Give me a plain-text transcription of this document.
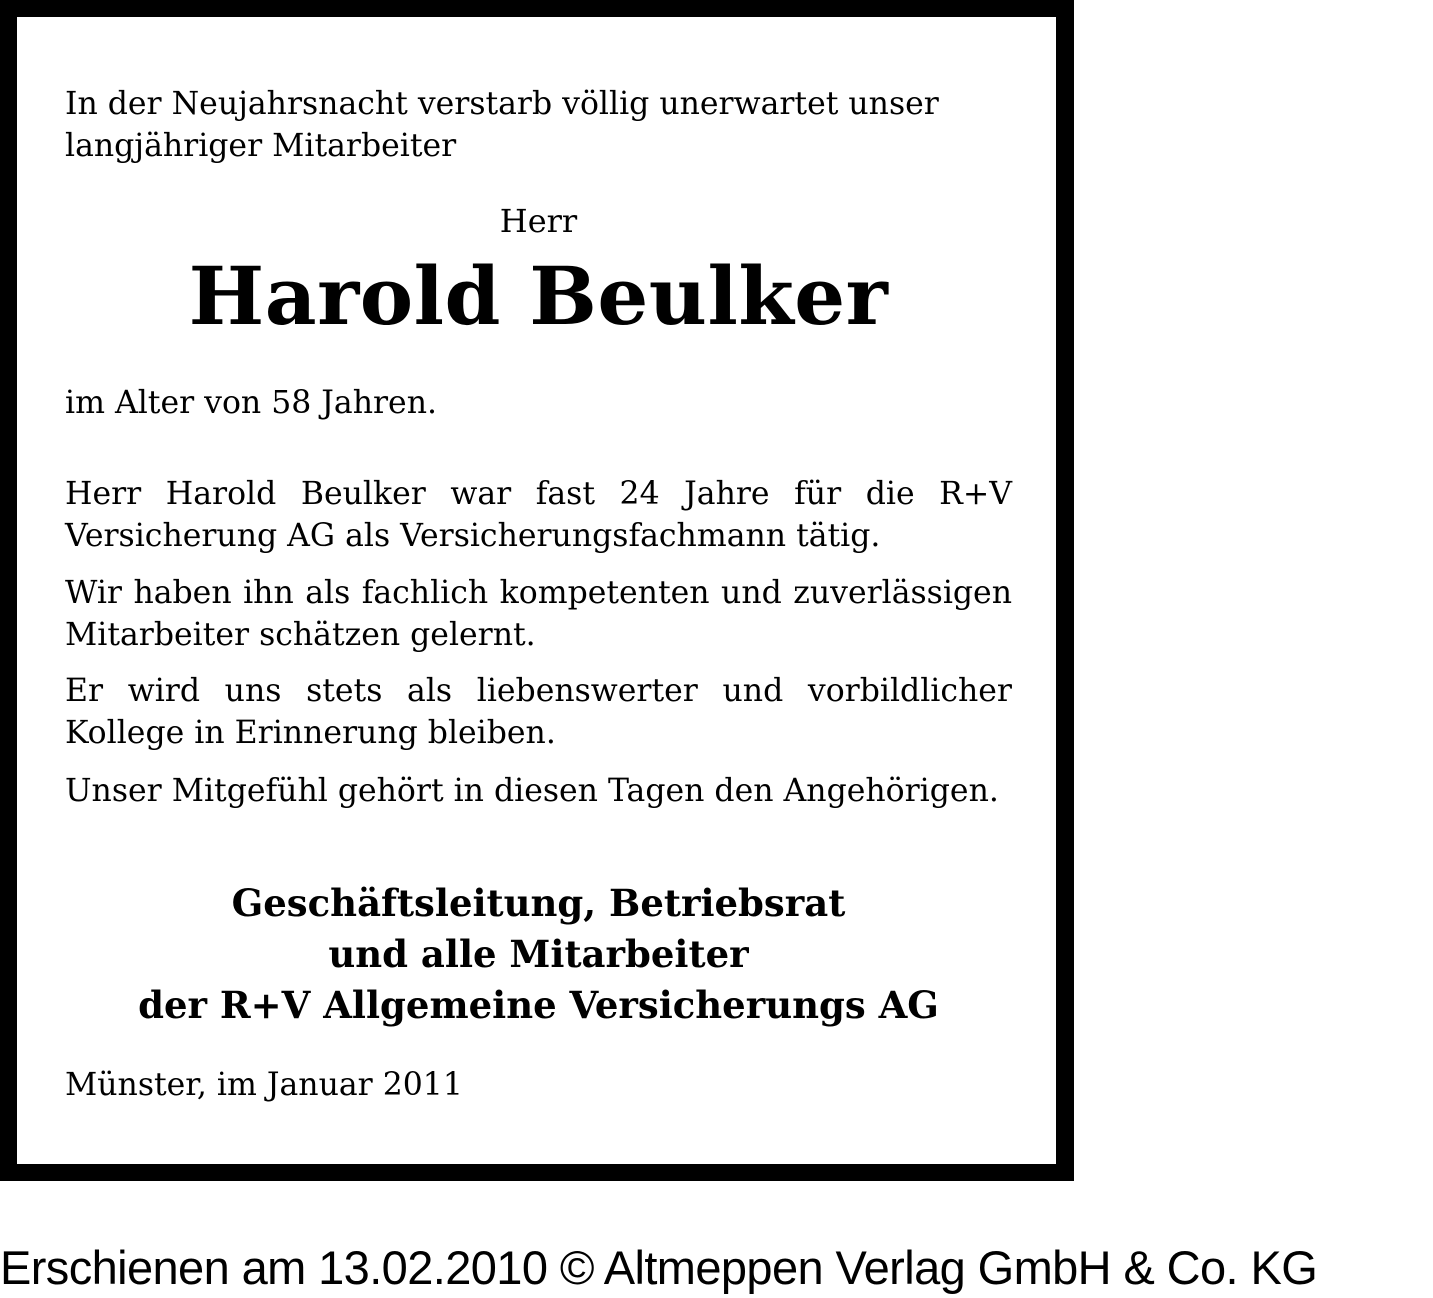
In der Neujahrsnacht verstarb völlig unerwartet unser
langjähriger Mitarbeiter

Herr

Harold Beulker

im Alter von 58 Jahren.

Herr Harold Beulker war fast 24 Jahre für die R+V Versicherung AG als Versicherungsfachmann tätig.

Wir haben ihn als fachlich kompetenten und zuverlässigen Mitarbeiter schätzen gelernt.

Er wird uns stets als liebenswerter und vorbildlicher Kollege in Erinnerung bleiben.

Unser Mitgefühl gehört in diesen Tagen den Angehörigen.

Geschäftsleitung, Betriebsrat

und alle Mitarbeiter

der R+V Allgemeine Versicherungs AG

Münster, im Januar 2011

Erschienen am 13.02.2010 © Altmeppen Verlag GmbH & Co. KG
